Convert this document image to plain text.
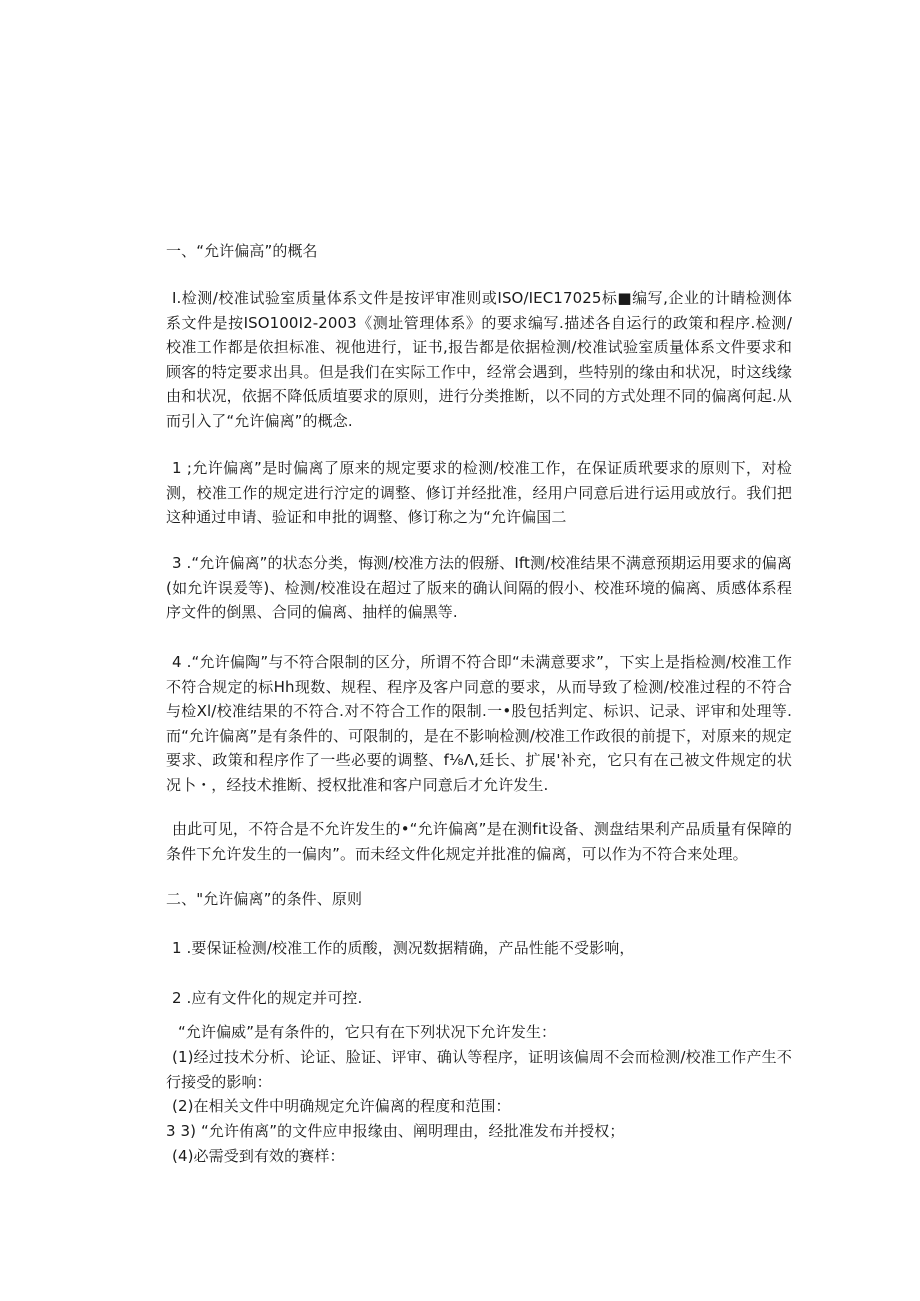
一、“允许偏高”的概名

I.检测/校准试验室质量体系文件是按评审准则或ISO/IEC17025标■编写,企业的计睛检测体系文件是按ISO100I2-2003《测址管理体系》的要求编写.描述各自运行的政策和程序.检测/校准工作都是依担标准、视他进行，证书,报告都是依据检测/校准试验室质量体系文件要求和顾客的特定要求出具。但是我们在实际工作中，经常会遇到，些特别的缘由和状况，时这线缘由和状况，依据不降低质埴要求的原则，进行分类推断，以不同的方式处理不同的偏离何起.从而引入了“允许偏离”的概念.

1 ;允许偏离”是时偏离了原来的规定要求的检测/校准工作，在保证质玳要求的原则下，对检测，校准工作的规定进行泞定的调整、修订并经批准，经用户同意后进行运用或放行。我们把这种通过申请、验证和申批的调整、修订称之为“允许偏国二

3 .“允许偏离”的状态分类，悔测/校准方法的假掰、Ift测/校准结果不满意预期运用要求的偏离(如允许误爰等)、检测/校准设在超过了版来的确认间隔的假小、校准环境的偏离、质感体系程序文件的倒黑、合同的偏离、抽样的偏黑等.

4 .“允许偏陶”与不符合限制的区分，所谓不符合即“未满意要求”，下实上是指检测/校准工作不符合规定的标Hh现数、规程、程序及客户同意的要求，从而导致了检测/校准过程的不符合与检Xl/校准结果的不符合.对不符合工作的限制.一•股包括判定、标识、记录、评审和处理等.而“允许偏离”是有条件的、可限制的，是在不影响检测/校准工作政很的前提下，对原来的规定要求、政策和程序作了一些必要的调整、f⅛Λ,廷长、扩展'补充，它只有在己被文件规定的状况卜・，经技术推断、授权批准和客户同意后才允许发生.

由此可见，不符合是不允许发生的•“允许偏离”是在测fit设备、测盘结果利产品质量有保障的条件下允许发生的一偏肉”。而未经文件化规定并批准的偏离，可以作为不符合来处理。

二、"允许偏离”的条件、原则

1 .要保证检测/校准工作的质酸，测况数据精确，产品性能不受影响，

2 .应有文件化的规定并可控.

“允许偏威”是有条件的，它只有在下列状况下允许发生：

(1)经过技术分析、论证、脸证、评审、确认等程序，证明该偏周不会而检测/校准工作产生不行接受的影响：

(2)在相关文件中明确规定允许偏离的程度和范围：

3 3) “允许侑离”的文件应申报缘由、阐明理由，经批准发布并授权；

(4)必需受到有效的赛样：
